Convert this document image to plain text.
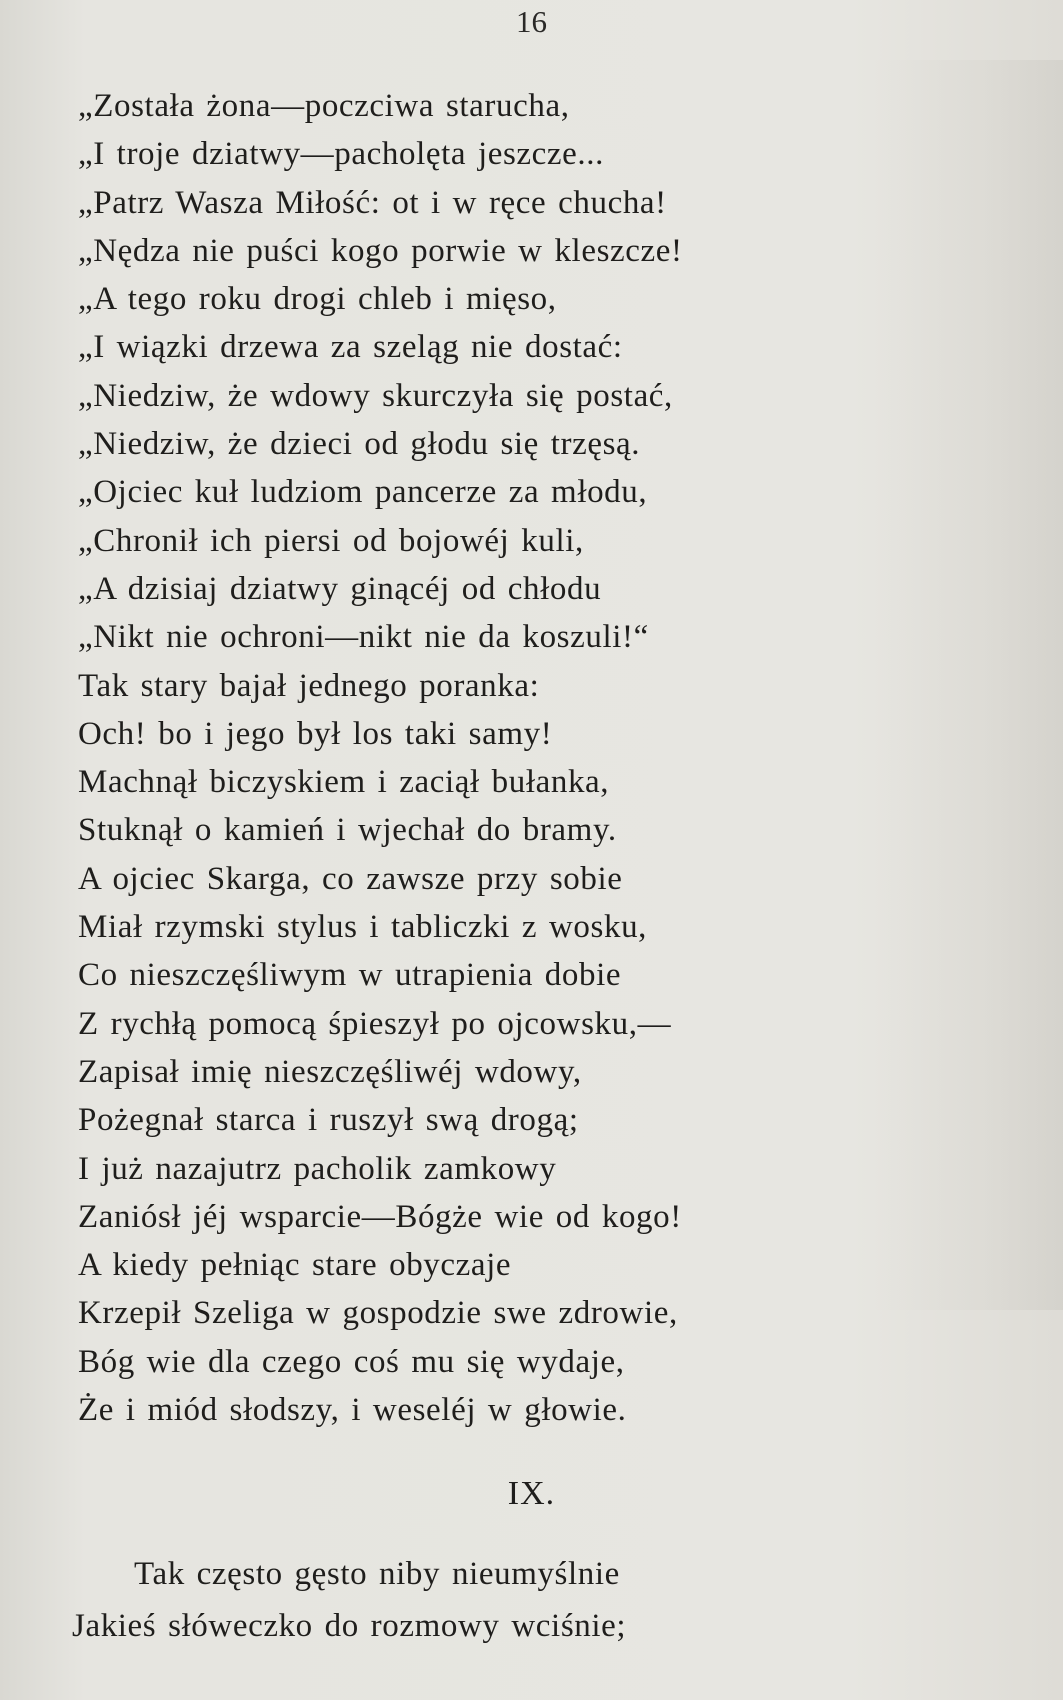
16
„Została żona—poczciwa starucha,
„I troje dziatwy—pacholęta jeszcze...
„Patrz Wasza Miłość: ot i w ręce chucha!
„Nędza nie puści kogo porwie w kleszcze!
„A tego roku drogi chleb i mięso,
„I wiązki drzewa za szeląg nie dostać:
„Niedziw, że wdowy skurczyła się postać,
„Niedziw, że dzieci od głodu się trzęsą.
„Ojciec kuł ludziom pancerze za młodu,
„Chronił ich piersi od bojowéj kuli,
„A dzisiaj dziatwy ginącéj od chłodu
„Nikt nie ochroni—nikt nie da koszuli!“
Tak stary bajał jednego poranka:
Och! bo i jego był los taki samy!
Machnął biczyskiem i zaciął bułanka,
Stuknął o kamień i wjechał do bramy.
A ojciec Skarga, co zawsze przy sobie
Miał rzymski stylus i tabliczki z wosku,
Co nieszczęśliwym w utrapienia dobie
Z rychłą pomocą śpieszył po ojcowsku,—
Zapisał imię nieszczęśliwéj wdowy,
Pożegnał starca i ruszył swą drogą;
I już nazajutrz pacholik zamkowy
Zaniósł jéj wsparcie—Bógże wie od kogo!
A kiedy pełniąc stare obyczaje
Krzepił Szeliga w gospodzie swe zdrowie,
Bóg wie dla czego coś mu się wydaje,
Że i miód słodszy, i weseléj w głowie.
IX.
Tak często gęsto niby nieumyślnie
Jakieś słóweczko do rozmowy wciśnie;
